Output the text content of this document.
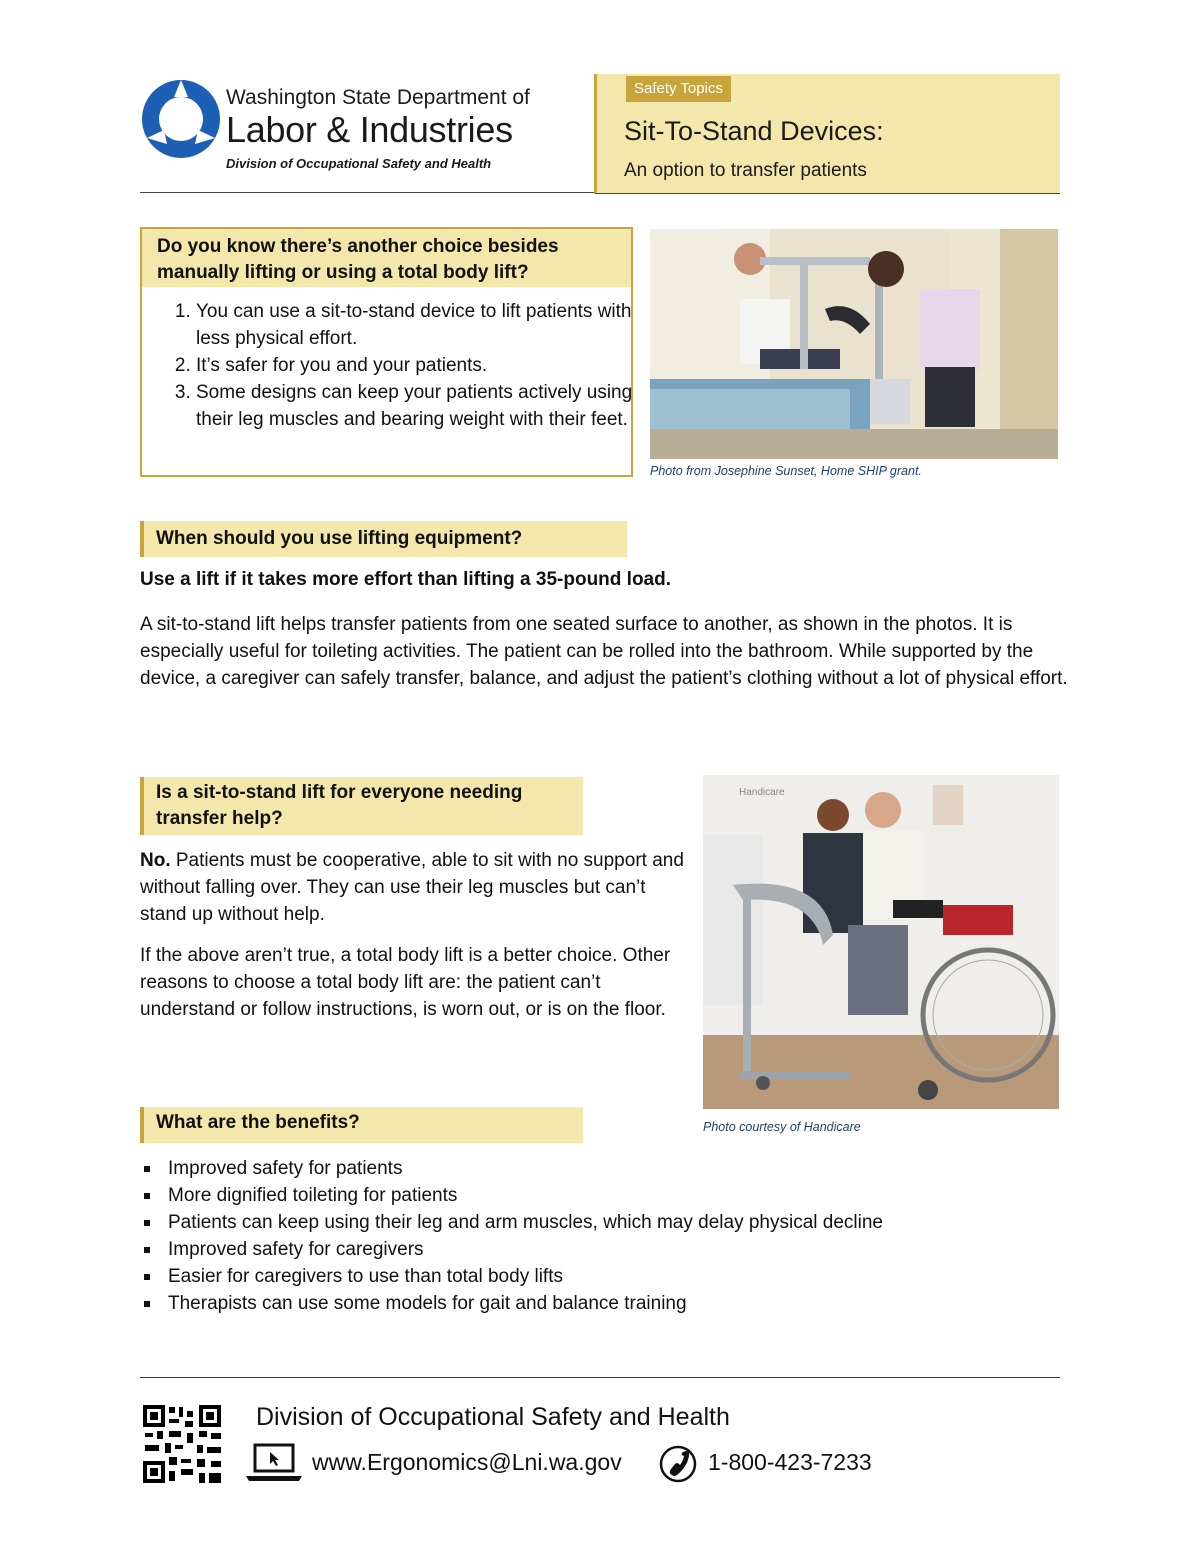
Washington State Department of
Labor & Industries
Division of Occupational Safety and Health
Safety Topics
Sit-To-Stand Devices:
An option to transfer patients
Do you know there’s another choice besides manually lifting or using a total body lift?
1. You can use a sit-to-stand device to lift patients with less physical effort.
2. It’s safer for you and your patients.
3. Some designs can keep your patients actively using their leg muscles and bearing weight with their feet.
Photo from Josephine Sunset, Home SHIP grant.
When should you use lifting equipment?
Use a lift if it takes more effort than lifting a 35-pound load.

A sit-to-stand lift helps transfer patients from one seated surface to another, as shown in the photos. It is especially useful for toileting activities. The patient can be rolled into the bathroom. While supported by the device, a caregiver can safely transfer, balance, and adjust the patient’s clothing without a lot of physical effort.

Is a sit-to-stand lift for everyone needing transfer help?

No. Patients must be cooperative, able to sit with no support and without falling over. They can use their leg muscles but can’t stand up without help.

If the above aren’t true, a total body lift is a better choice. Other reasons to choose a total body lift are: the patient can’t understand or follow instructions, is worn out, or is on the floor.

Handicare
Photo courtesy of Handicare
What are the benefits?
Improved safety for patients
More dignified toileting for patients
Patients can keep using their leg and arm muscles, which may delay physical decline
Improved safety for caregivers
Easier for caregivers to use than total body lifts
Therapists can use some models for gait and balance training
Division of Occupational Safety and Health
www.Ergonomics@Lni.wa.gov	1-800-423-7233
